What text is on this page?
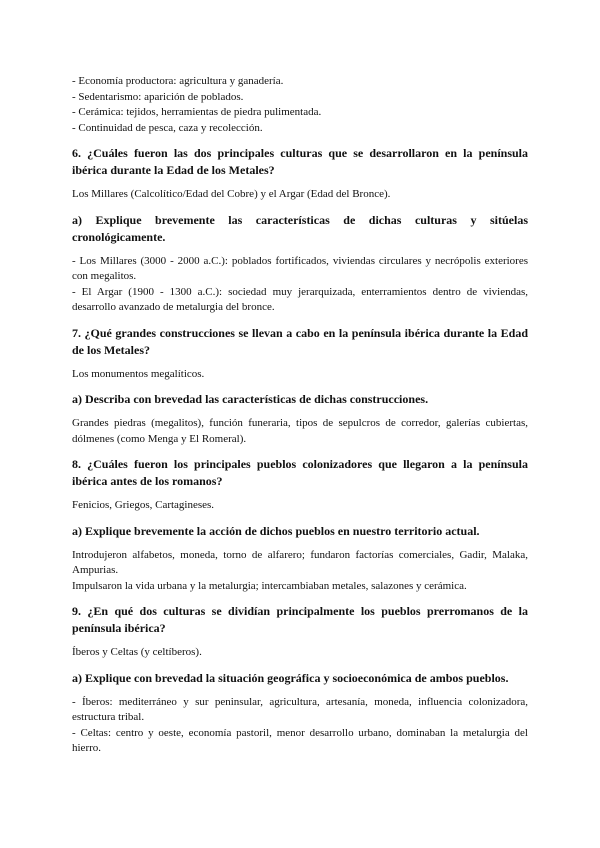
- Economía productora: agricultura y ganadería.
- Sedentarismo: aparición de poblados.
- Cerámica: tejidos, herramientas de piedra pulimentada.
- Continuidad de pesca, caza y recolección.
6. ¿Cuáles fueron las dos principales culturas que se desarrollaron en la península ibérica durante la Edad de los Metales?
Los Millares (Calcolítico/Edad del Cobre) y el Argar (Edad del Bronce).
a) Explique brevemente las características de dichas culturas y sitúelas cronológicamente.
- Los Millares (3000 - 2000 a.C.): poblados fortificados, viviendas circulares y necrópolis exteriores con megalitos.
- El Argar (1900 - 1300 a.C.): sociedad muy jerarquizada, enterramientos dentro de viviendas, desarrollo avanzado de metalurgia del bronce.
7. ¿Qué grandes construcciones se llevan a cabo en la península ibérica durante la Edad de los Metales?
Los monumentos megalíticos.
a) Describa con brevedad las características de dichas construcciones.
Grandes piedras (megalitos), función funeraria, tipos de sepulcros de corredor, galerías cubiertas, dólmenes (como Menga y El Romeral).
8. ¿Cuáles fueron los principales pueblos colonizadores que llegaron a la península ibérica antes de los romanos?
Fenicios, Griegos, Cartagineses.
a) Explique brevemente la acción de dichos pueblos en nuestro territorio actual.
Introdujeron alfabetos, moneda, torno de alfarero; fundaron factorías comerciales, Gadir, Malaka, Ampurias.
Impulsaron la vida urbana y la metalurgia; intercambiaban metales, salazones y cerámica.
9. ¿En qué dos culturas se dividían principalmente los pueblos prerromanos de la península ibérica?
Íberos y Celtas (y celtíberos).
a) Explique con brevedad la situación geográfica y socioeconómica de ambos pueblos.
- Íberos: mediterráneo y sur peninsular, agricultura, artesanía, moneda, influencia colonizadora, estructura tribal.
- Celtas: centro y oeste, economía pastoril, menor desarrollo urbano, dominaban la metalurgia del hierro.
